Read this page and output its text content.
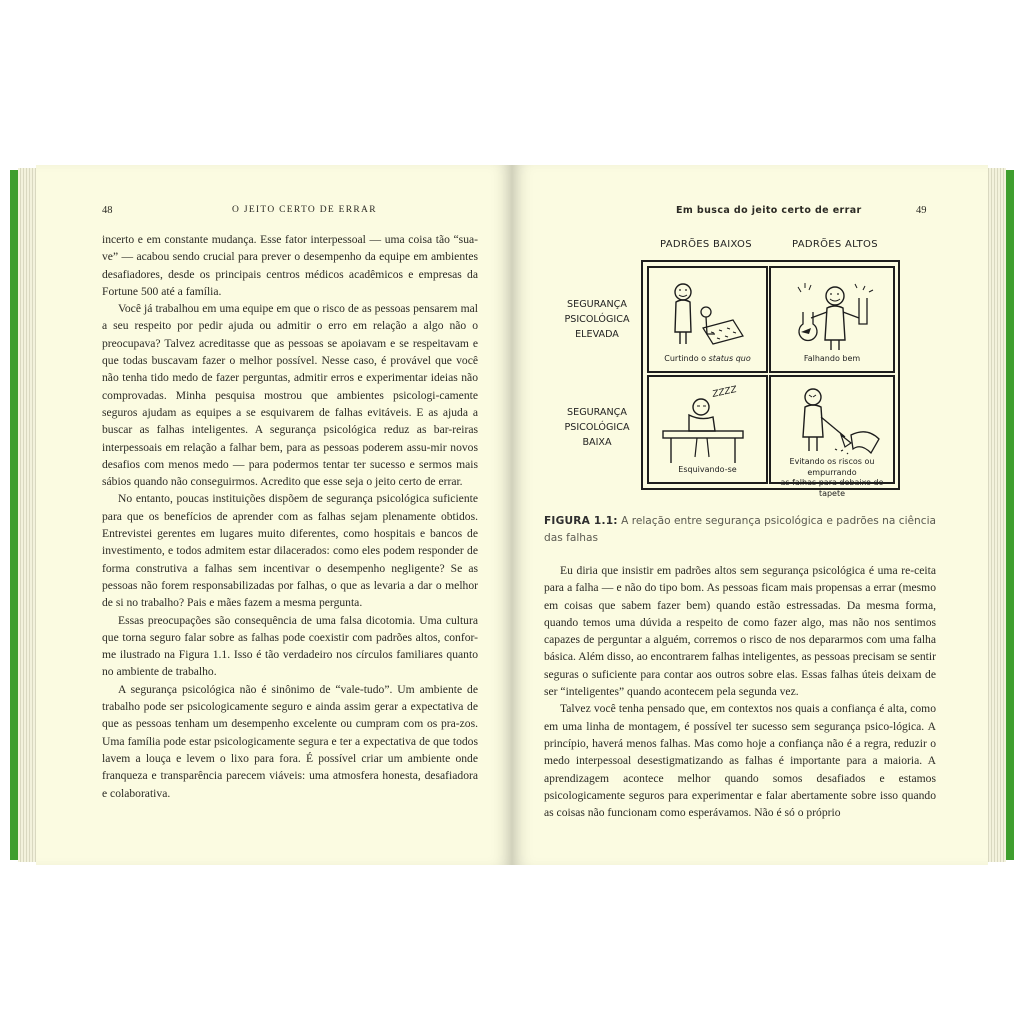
48	O JEITO CERTO DE ERRAR

incerto e em constante mudança. Esse fator interpessoal — uma coisa tão “sua-ve” — acabou sendo crucial para prever o desempenho da equipe em ambientes desafiadores, desde os principais centros médicos acadêmicos e empresas da Fortune 500 até a família.

Você já trabalhou em uma equipe em que o risco de as pessoas pensarem mal a seu respeito por pedir ajuda ou admitir o erro em relação a algo não o preocupava? Talvez acreditasse que as pessoas se apoiavam e se respeitavam e que todas buscavam fazer o melhor possível. Nesse caso, é provável que você não tenha tido medo de fazer perguntas, admitir erros e experimentar ideias não comprovadas. Minha pesquisa mostrou que ambientes psicologi-camente seguros ajudam as equipes a se esquivarem de falhas evitáveis. E as ajuda a buscar as falhas inteligentes. A segurança psicológica reduz as bar-reiras interpessoais em relação a falhar bem, para as pessoas poderem assu-mir novos desafios com menos medo — para podermos tentar ter sucesso e sermos mais sábios quando não conseguirmos. Acredito que esse seja o jeito certo de errar.

No entanto, poucas instituições dispõem de segurança psicológica suficiente para que os benefícios de aprender com as falhas sejam plenamente obtidos. Entrevistei gerentes em lugares muito diferentes, como hospitais e bancos de investimento, e todos admitem estar dilacerados: como eles podem responder de forma construtiva a falhas sem incentivar o desempenho negligente? Se as pessoas não forem responsabilizadas por falhas, o que as levaria a dar o melhor de si no trabalho? Pais e mães fazem a mesma pergunta.

Essas preocupações são consequência de uma falsa dicotomia. Uma cultura que torna seguro falar sobre as falhas pode coexistir com padrões altos, confor-me ilustrado na Figura 1.1. Isso é tão verdadeiro nos círculos familiares quanto no ambiente de trabalho.

A segurança psicológica não é sinônimo de “vale-tudo”. Um ambiente de trabalho pode ser psicologicamente seguro e ainda assim gerar a expectativa de que as pessoas tenham um desempenho excelente ou cumpram com os pra-zos. Uma família pode estar psicologicamente segura e ter a expectativa de que todos lavem a louça e levem o lixo para fora. É possível criar um ambiente onde franqueza e transparência parecem viáveis: uma atmosfera honesta, desafiadora e colaborativa.

Em busca do jeito certo de errar	49
PADRÕES BAIXOS	PADRÕES ALTOS
SEGURANÇA
PSICOLÓGICA
ELEVADA
SEGURANÇA
PSICOLÓGICA
BAIXA
Curtindo o status quo	Falhando bem
ZZZZ
Esquivando-se
Evitando os riscos ou empurrando
as falhas para debaixo do tapete
FIGURA 1.1: A relação entre segurança psicológica e padrões na ciência das falhas

Eu diria que insistir em padrões altos sem segurança psicológica é uma re-ceita para a falha — e não do tipo bom. As pessoas ficam mais propensas a errar (mesmo em coisas que sabem fazer bem) quando estão estressadas. Da mesma forma, quando temos uma dúvida a respeito de como fazer algo, mas não nos sentimos capazes de perguntar a alguém, corremos o risco de nos depararmos com uma falha básica. Além disso, ao encontrarem falhas inteligentes, as pessoas precisam se sentir seguras o suficiente para contar aos outros sobre elas. Essas falhas úteis deixam de ser “inteligentes” quando acontecem pela segunda vez.

Talvez você tenha pensado que, em contextos nos quais a confiança é alta, como em uma linha de montagem, é possível ter sucesso sem segurança psico-lógica. A princípio, haverá menos falhas. Mas como hoje a confiança não é a regra, reduzir o medo interpessoal desestigmatizando as falhas é importante para a maioria. A aprendizagem acontece melhor quando somos desafiados e estamos psicologicamente seguros para experimentar e falar abertamente sobre isso quando as coisas não funcionam como esperávamos. Não é só o próprio
